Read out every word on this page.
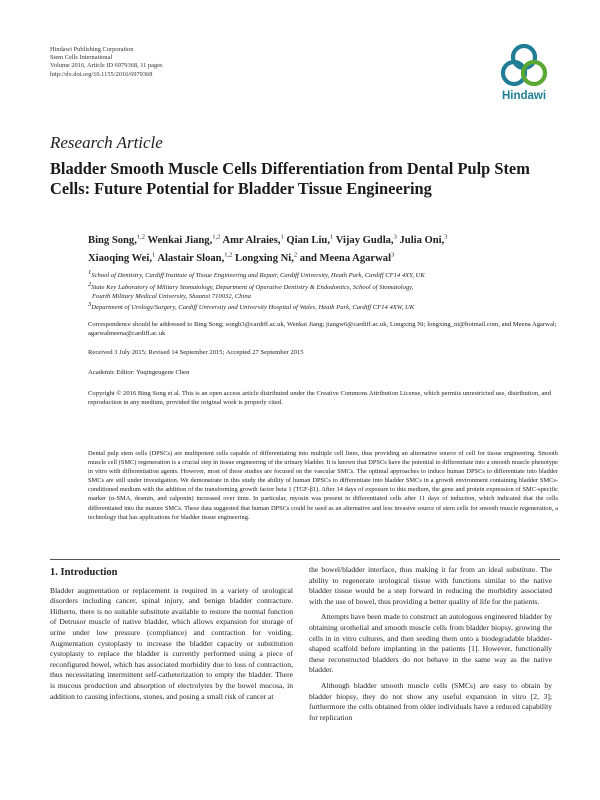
Hindawi Publishing Corporation
Stem Cells International
Volume 2016, Article ID 6979368, 11 pages
http://dx.doi.org/10.1155/2016/6979368
Hindawi
Research Article
Bladder Smooth Muscle Cells Differentiation from Dental Pulp Stem Cells: Future Potential for Bladder Tissue Engineering
Bing Song,$^{1,2}$ Wenkai Jiang,$^{1,2}$ Amr Alraies,$^1$ Qian Liu,$^1$ Vijay Gudla,$^3$ Julia Oni,$^3$
Xiaoqing Wei,$^1$ Alastair Sloan,$^{1,2}$ Longxing Ni,$^2$ and Meena Agarwal$^3$
$^1$School of Dentistry, Cardiff Institute of Tissue Engineering and Repair, Cardiff University, Heath Park, Cardiff CF14 4XY, UK
$^2$State Key Laboratory of Military Stomatology, Department of Operative Dentistry & Endodontics, School of Stomatology,
Fourth Military Medical University, Shaanxi 710032, China
$^3$Department of Urology/Surgery, Cardiff University and University Hospital of Wales, Heath Park, Cardiff CF14 4XW, UK
Correspondence should be addressed to Bing Song; songb3@cardiff.ac.uk, Wenkai Jiang; jiangw6@cardiff.ac.uk, Longxing Ni; longxing_ni@hotmail.com, and Meena Agarwal; agarwalmeena@cardiff.ac.uk
Received 3 July 2015; Revised 14 September 2015; Accepted 27 September 2015
Academic Editor: Yuqingeugene Chen
Copyright © 2016 Bing Song et al. This is an open access article distributed under the Creative Commons Attribution License, which permits unrestricted use, distribution, and reproduction in any medium, provided the original work is properly cited.
Dental pulp stem cells (DPSCs) are multipotent cells capable of differentiating into multiple cell lines, thus providing an alternative source of cell for tissue engineering. Smooth muscle cell (SMC) regeneration is a crucial step in tissue engineering of the urinary bladder. It is known that DPSCs have the potential to differentiate into a smooth muscle phenotype in vitro with differentiation agents. However, most of these studies are focused on the vascular SMCs. The optimal approaches to induce human DPSCs to differentiate into bladder SMCs are still under investigation. We demonstrate in this study the ability of human DPSCs to differentiate into bladder SMCs in a growth environment containing bladder SMCs-conditioned medium with the addition of the transforming growth factor beta 1 (TGF-β1). After 14 days of exposure to this medium, the gene and protein expression of SMC-specific marker (α-SMA, desmin, and calponin) increased over time. In particular, myosin was present in differentiated cells after 11 days of induction, which indicated that the cells differentiated into the mature SMCs. These data suggested that human DPSCs could be used as an alternative and less invasive source of stem cells for smooth muscle regeneration, a technology that has applications for bladder tissue engineering.
1. Introduction

Bladder augmentation or replacement is required in a variety of urological disorders including cancer, spinal injury, and benign bladder contracture. Hitherto, there is no suitable substitute available to restore the normal function of Detrusor muscle of native bladder, which allows expansion for storage of urine under low pressure (compliance) and contraction for voiding. Augmentation cystoplasty to increase the bladder capacity or substitution cystoplasty to replace the bladder is currently performed using a piece of reconfigured bowel, which has associated morbidity due to loss of contraction, thus necessitating intermittent self-catheterization to empty the bladder. There is mucous production and absorption of electrolytes by the bowel mucosa, in addition to causing infections, stones, and posing a small risk of cancer at

the bowel/bladder interface, thus making it far from an ideal substitute. The ability to regenerate urological tissue with functions similar to the native bladder tissue would be a step forward in reducing the morbidity associated with the use of bowel, thus providing a better quality of life for the patients.

Attempts have been made to construct an autologous engineered bladder by obtaining urothelial and smooth muscle cells from bladder biopsy, growing the cells in in vitro cultures, and then seeding them onto a biodegradable bladder-shaped scaffold before implanting in the patients [1]. However, functionally these reconstructed bladders do not behave in the same way as the native bladder.

Although bladder smooth muscle cells (SMCs) are easy to obtain by bladder biopsy, they do not show any useful expansion in vitro [2, 3]; furthermore the cells obtained from older individuals have a reduced capability for replication
